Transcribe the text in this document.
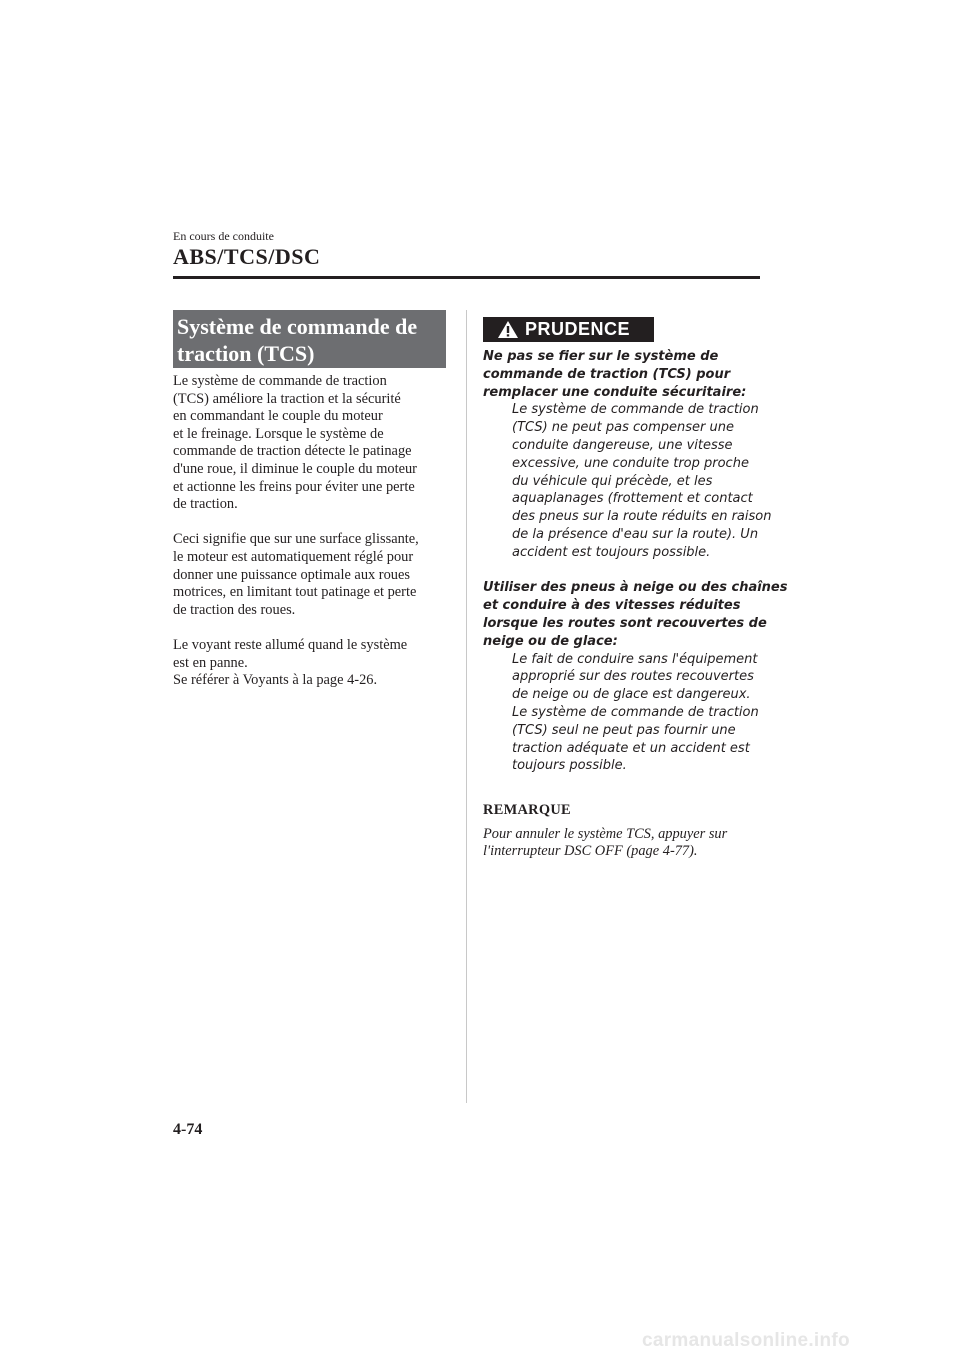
En cours de conduite
ABS/TCS/DSC
Système de commande de
traction (TCS)

Le système de commande de traction
(TCS) améliore la traction et la sécurité
en commandant le couple du moteur
et le freinage. Lorsque le système de
commande de traction détecte le patinage
d'une roue, il diminue le couple du moteur
et actionne les freins pour éviter une perte
de traction.

Ceci signifie que sur une surface glissante,
le moteur est automatiquement réglé pour
donner une puissance optimale aux roues
motrices, en limitant tout patinage et perte
de traction des roues.

Le voyant reste allumé quand le système
est en panne.
Se référer à Voyants à la page 4-26.

PRUDENCE
Ne pas se fier sur le système de
commande de traction (TCS) pour
remplacer une conduite sécuritaire:
Le système de commande de traction
(TCS) ne peut pas compenser une
conduite dangereuse, une vitesse
excessive, une conduite trop proche
du véhicule qui précède, et les
aquaplanages (frottement et contact
des pneus sur la route réduits en raison
de la présence d'eau sur la route). Un
accident est toujours possible.
Utiliser des pneus à neige ou des chaînes
et conduire à des vitesses réduites
lorsque les routes sont recouvertes de
neige ou de glace:
Le fait de conduire sans l'équipement
approprié sur des routes recouvertes
de neige ou de glace est dangereux.
Le système de commande de traction
(TCS) seul ne peut pas fournir une
traction adéquate et un accident est
toujours possible.
REMARQUE
Pour annuler le système TCS, appuyer sur
l'interrupteur DSC OFF (page 4-77).
4-74
carmanualsonline.info
